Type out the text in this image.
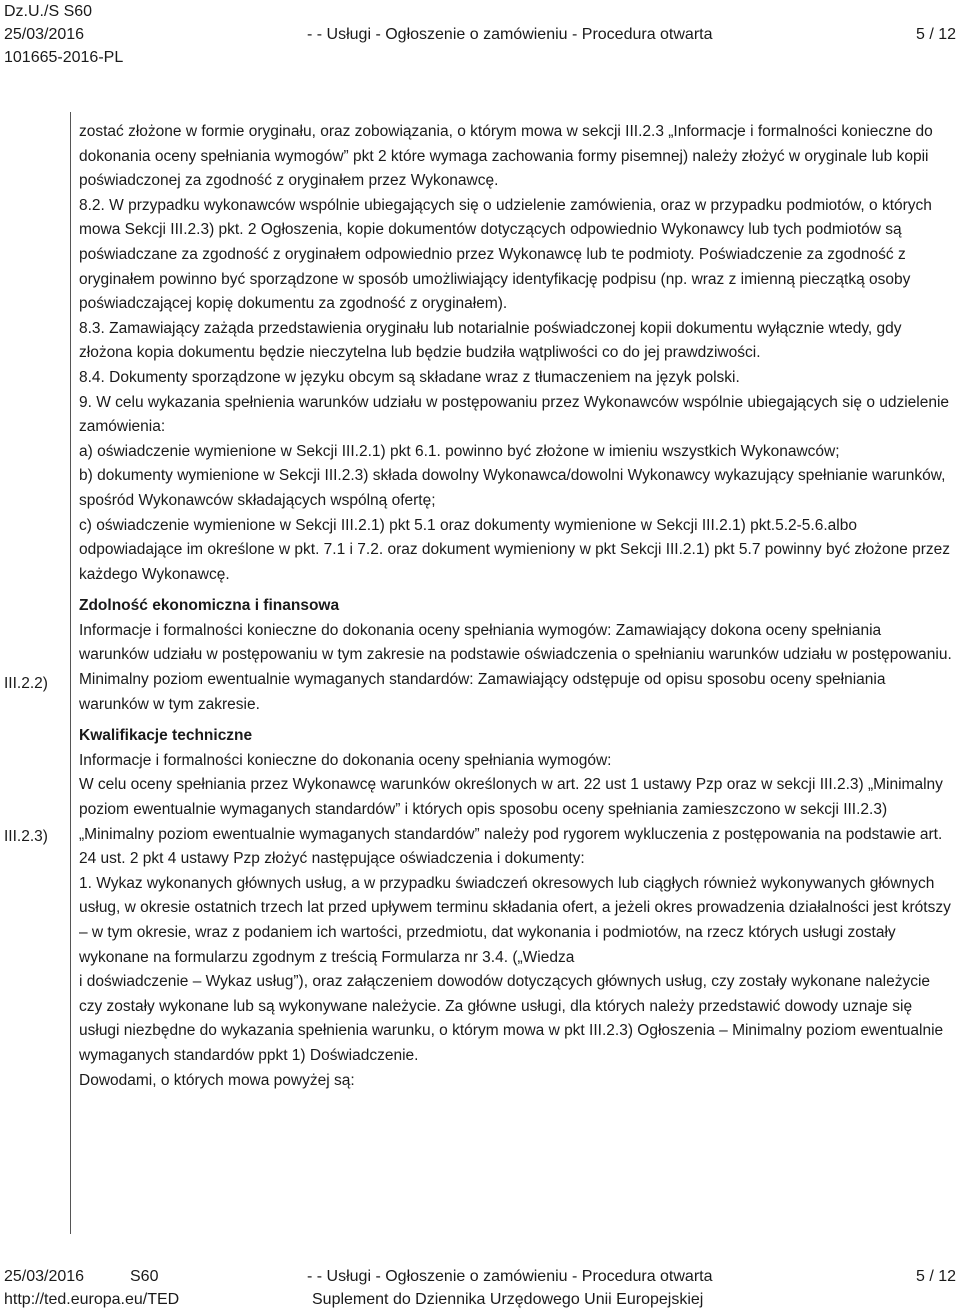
Dz.U./S S60
25/03/2016
101665-2016-PL
- - Usługi - Ogłoszenie o zamówieniu - Procedura otwarta	5 / 12
III.2.2)
III.2.3)

zostać złożone w formie oryginału, oraz zobowiązania, o którym mowa w sekcji III.2.3 „Informacje i formalności konieczne do dokonania oceny spełniania wymogów” pkt 2 które wymaga zachowania formy pisemnej) należy złożyć w oryginale lub kopii poświadczonej za zgodność z oryginałem przez Wykonawcę.

8.2. W przypadku wykonawców wspólnie ubiegających się o udzielenie zamówienia, oraz w przypadku podmiotów, o których mowa Sekcji III.2.3) pkt. 2 Ogłoszenia, kopie dokumentów dotyczących odpowiednio Wykonawcy lub tych podmiotów są poświadczane za zgodność z oryginałem odpowiednio przez Wykonawcę lub te podmioty. Poświadczenie za zgodność z oryginałem powinno być sporządzone w sposób umożliwiający identyfikację podpisu (np. wraz z imienną pieczątką osoby poświadczającej kopię dokumentu za zgodność z oryginałem).

8.3. Zamawiający zażąda przedstawienia oryginału lub notarialnie poświadczonej kopii dokumentu wyłącznie wtedy, gdy złożona kopia dokumentu będzie nieczytelna lub będzie budziła wątpliwości co do jej prawdziwości.

8.4. Dokumenty sporządzone w języku obcym są składane wraz z tłumaczeniem na język polski.

9. W celu wykazania spełnienia warunków udziału w postępowaniu przez Wykonawców wspólnie ubiegających się o udzielenie zamówienia:

a) oświadczenie wymienione w Sekcji III.2.1) pkt 6.1. powinno być złożone w imieniu wszystkich Wykonawców;

b) dokumenty wymienione w Sekcji III.2.3) składa dowolny Wykonawca/dowolni Wykonawcy wykazujący spełnianie warunków, spośród Wykonawców składających wspólną ofertę;

c) oświadczenie wymienione w Sekcji III.2.1) pkt 5.1 oraz dokumenty wymienione w Sekcji III.2.1) pkt.5.2-5.6.albo odpowiadające im określone w pkt. 7.1 i 7.2. oraz dokument wymieniony w pkt Sekcji III.2.1) pkt 5.7 powinny być złożone przez każdego Wykonawcę.

Zdolność ekonomiczna i finansowa

Informacje i formalności konieczne do dokonania oceny spełniania wymogów: Zamawiający dokona oceny spełniania warunków udziału w postępowaniu w tym zakresie na podstawie oświadczenia o spełnianiu warunków udziału w postępowaniu.

Minimalny poziom ewentualnie wymaganych standardów: Zamawiający odstępuje od opisu sposobu oceny spełniania warunków w tym zakresie.

Kwalifikacje techniczne

Informacje i formalności konieczne do dokonania oceny spełniania wymogów:

W celu oceny spełniania przez Wykonawcę warunków określonych w art. 22 ust 1 ustawy Pzp oraz w sekcji III.2.3) „Minimalny poziom ewentualnie wymaganych standardów” i których opis sposobu oceny spełniania zamieszczono w sekcji III.2.3) „Minimalny poziom ewentualnie wymaganych standardów” należy pod rygorem wykluczenia z postępowania na podstawie art. 24 ust. 2 pkt 4 ustawy Pzp złożyć następujące oświadczenia i dokumenty:

1. Wykaz wykonanych głównych usług, a w przypadku świadczeń okresowych lub ciągłych również wykonywanych głównych usług, w okresie ostatnich trzech lat przed upływem terminu składania ofert, a jeżeli okres prowadzenia działalności jest krótszy – w tym okresie, wraz z podaniem ich wartości, przedmiotu, dat wykonania i podmiotów, na rzecz których usługi zostały wykonane na formularzu zgodnym z treścią Formularza nr 3.4. („Wiedza

i doświadczenie – Wykaz usług”), oraz załączeniem dowodów dotyczących głównych usług, czy zostały wykonane należycie czy zostały wykonane lub są wykonywane należycie. Za główne usługi, dla których należy przedstawić dowody uznaje się usługi niezbędne do wykazania spełnienia warunku, o którym mowa w pkt III.2.3) Ogłoszenia – Minimalny poziom ewentualnie wymaganych standardów ppkt 1) Doświadczenie.

Dowodami, o których mowa powyżej są:

25/03/2016	S60
http://ted.europa.eu/TED
- - Usługi - Ogłoszenie o zamówieniu - Procedura otwarta
Suplement do Dziennika Urzędowego Unii Europejskiej
5 / 12
